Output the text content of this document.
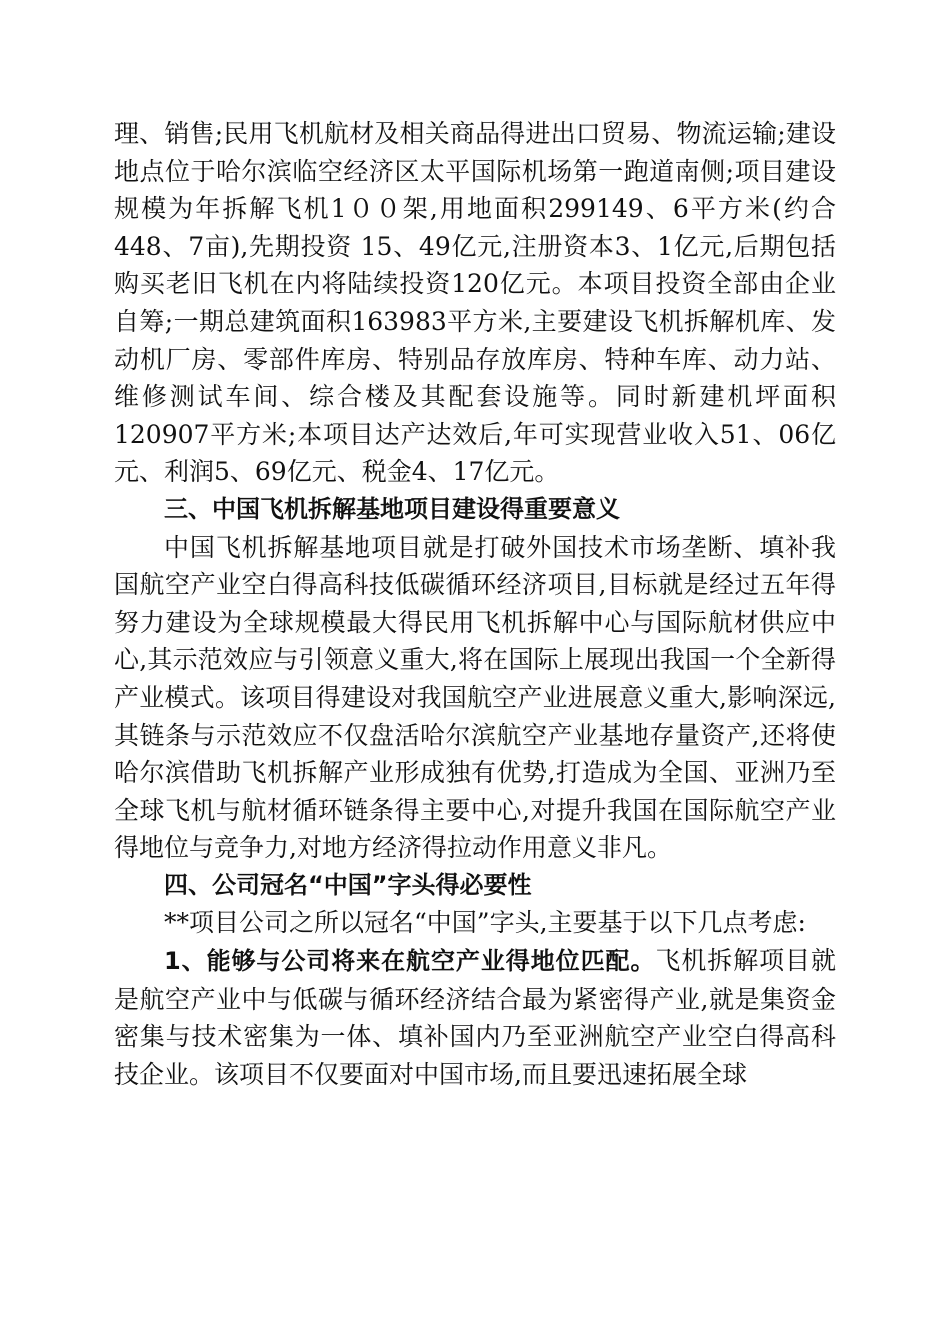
理、销售;民用飞机航材及相关商品得进出口贸易、物流运输;建设地点位于哈尔滨临空经济区太平国际机场第一跑道南侧;项目建设规模为年拆解飞机1００架,用地面积299149、6平方米(约合448、7亩),先期投资 15、49亿元,注册资本3、1亿元,后期包括购买老旧飞机在内将陆续投资120亿元。本项目投资全部由企业自筹;一期总建筑面积163983平方米,主要建设飞机拆解机库、发动机厂房、零部件库房、特别品存放库房、特种车库、动力站、维修测试车间、综合楼及其配套设施等。同时新建机坪面积120907平方米;本项目达产达效后,年可实现营业收入51、06亿元、利润5、69亿元、税金4、17亿元。

三、中国飞机拆解基地项目建设得重要意义

中国飞机拆解基地项目就是打破外国技术市场垄断、填补我国航空产业空白得高科技低碳循环经济项目,目标就是经过五年得努力建设为全球规模最大得民用飞机拆解中心与国际航材供应中心,其示范效应与引领意义重大,将在国际上展现出我国一个全新得产业模式。该项目得建设对我国航空产业进展意义重大,影响深远,其链条与示范效应不仅盘活哈尔滨航空产业基地存量资产,还将使哈尔滨借助飞机拆解产业形成独有优势,打造成为全国、亚洲乃至全球飞机与航材循环链条得主要中心,对提升我国在国际航空产业得地位与竞争力,对地方经济得拉动作用意义非凡。

四、公司冠名“中国”字头得必要性

**项目公司之所以冠名“中国”字头,主要基于以下几点考虑:

1、能够与公司将来在航空产业得地位匹配。飞机拆解项目就是航空产业中与低碳与循环经济结合最为紧密得产业,就是集资金密集与技术密集为一体、填补国内乃至亚洲航空产业空白得高科技企业。该项目不仅要面对中国市场,而且要迅速拓展全球
